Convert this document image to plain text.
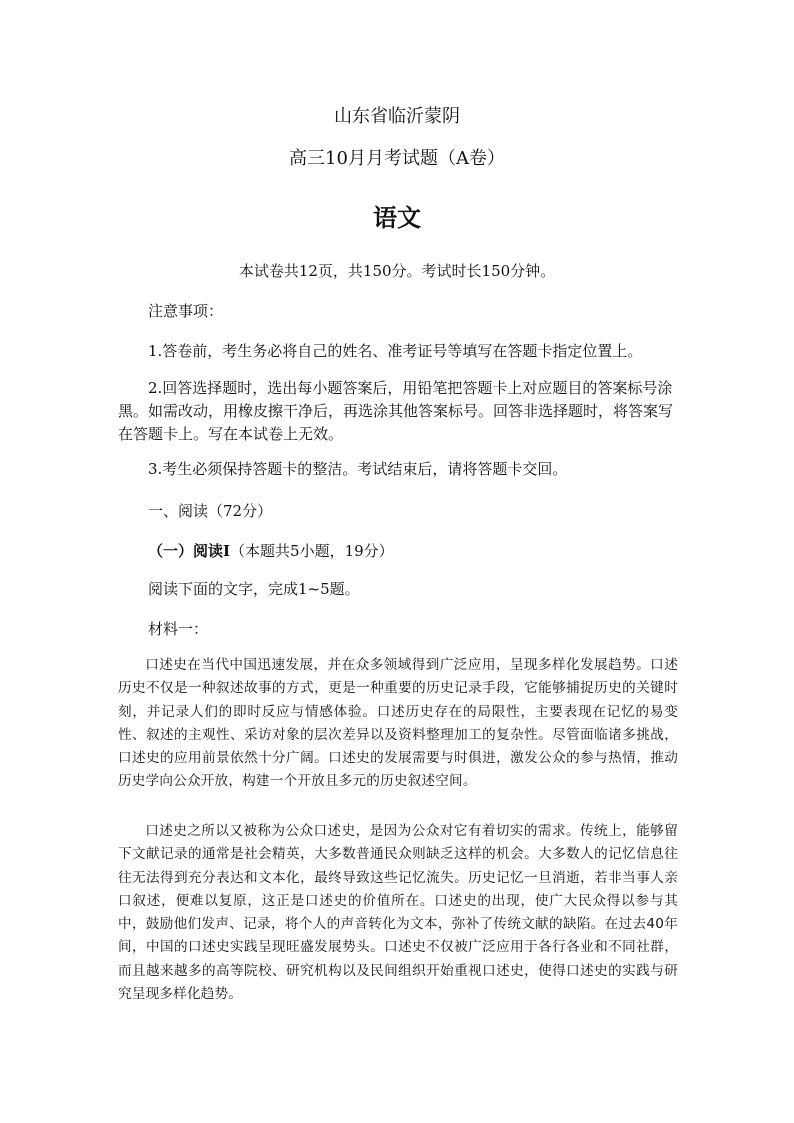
山东省临沂蒙阴
高三10月月考试题（A卷）
语文
本试卷共12页，共150分。考试时长150分钟。
注意事项：
1.答卷前，考生务必将自己的姓名、准考证号等填写在答题卡指定位置上。
2.回答选择题时，选出每小题答案后，用铅笔把答题卡上对应题目的答案标号涂黑。如需改动，用橡皮擦干净后，再选涂其他答案标号。回答非选择题时，将答案写在答题卡上。写在本试卷上无效。
3.考生必须保持答题卡的整洁。考试结束后，请将答题卡交回。
一、阅读（72分）
（一）阅读Ⅰ（本题共5小题，19分）
阅读下面的文字，完成1~5题。
材料一：
口述史在当代中国迅速发展，并在众多领域得到广泛应用，呈现多样化发展趋势。口述历史不仅是一种叙述故事的方式，更是一种重要的历史记录手段，它能够捕捉历史的关键时刻，并记录人们的即时反应与情感体验。口述历史存在的局限性，主要表现在记忆的易变性、叙述的主观性、采访对象的层次差异以及资料整理加工的复杂性。尽管面临诸多挑战，口述史的应用前景依然十分广阔。口述史的发展需要与时俱进，激发公众的参与热情，推动历史学向公众开放，构建一个开放且多元的历史叙述空间。
口述史之所以又被称为公众口述史，是因为公众对它有着切实的需求。传统上，能够留下文献记录的通常是社会精英，大多数普通民众则缺乏这样的机会。大多数人的记忆信息往往无法得到充分表达和文本化，最终导致这些记忆流失。历史记忆一旦消逝，若非当事人亲口叙述，便难以复原，这正是口述史的价值所在。口述史的出现，使广大民众得以参与其中，鼓励他们发声、记录，将个人的声音转化为文本，弥补了传统文献的缺陷。在过去40年间，中国的口述史实践呈现旺盛发展势头。口述史不仅被广泛应用于各行各业和不同社群，而且越来越多的高等院校、研究机构以及民间组织开始重视口述史，使得口述史的实践与研究呈现多样化趋势。
